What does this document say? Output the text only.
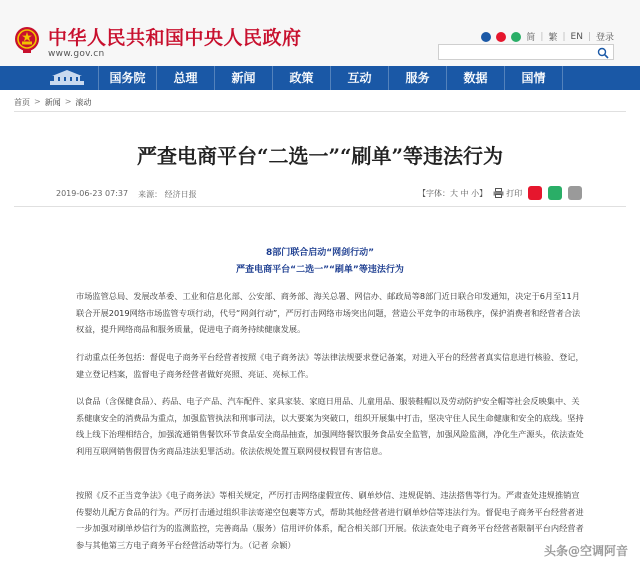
中华人民共和国中央人民政府
www.gov.cn
简 | 繁 | EN | 登录
国务院	总理	新闻	政策	互动	服务	数据	国情
首页 > 新闻 > 滚动
严查电商平台“二选一”“刷单”等违法行为
2019-06-23 07:37 来源： 经济日报	【字体：大 中 小】 打印
8部门联合启动“网剑行动”
严查电商平台“二选一”“刷单”等违法行为

市场监管总局、发展改革委、工业和信息化部、公安部、商务部、海关总署、网信办、邮政局等8部门近日联合印发通知，决定于6月至11月联合开展2019网络市场监管专项行动，代号“网剑行动”，严厉打击网络市场突出问题，营造公平竞争的市场秩序，保护消费者和经营者合法权益，提升网络商品和服务质量，促进电子商务持续健康发展。

行动重点任务包括：督促电子商务平台经营者按照《电子商务法》等法律法规要求登记备案，对进入平台的经营者真实信息进行核验、登记，建立登记档案，监督电子商务经营者做好亮照、亮证、亮标工作。

以食品（含保健食品）、药品、电子产品、汽车配件、家具家装、家庭日用品、儿童用品、服装鞋帽以及劳动防护安全帽等社会反映集中、关系健康安全的消费品为重点，加强监管执法和刑事司法，以大要案为突破口，组织开展集中打击，坚决守住人民生命健康和安全的底线。坚持线上线下治理相结合，加强流通销售餐饮环节食品安全商品抽查，加强网络餐饮服务食品安全监管，加强风险监测，净化生产源头，依法查处利用互联网销售假冒伪劣商品违法犯罪活动。依法依规处置互联网侵权假冒有害信息。

按照《反不正当竞争法》《电子商务法》等相关规定，严厉打击网络虚假宣传、刷单炒信、违规促销、违法搭售等行为。严肃查处违规推销宣传婴幼儿配方食品的行为。严厉打击通过组织非法寄递空包裹等方式，帮助其他经营者进行刷单炒信等违法行为。督促电子商务平台经营者进一步加强对刷单炒信行为的监测监控，完善商品（服务）信用评价体系，配合相关部门开展。依法查处电子商务平台经营者限制平台内经营者参与其他第三方电子商务平台经营活动等行为。（记者 佘颖）	头条@空调阿音
